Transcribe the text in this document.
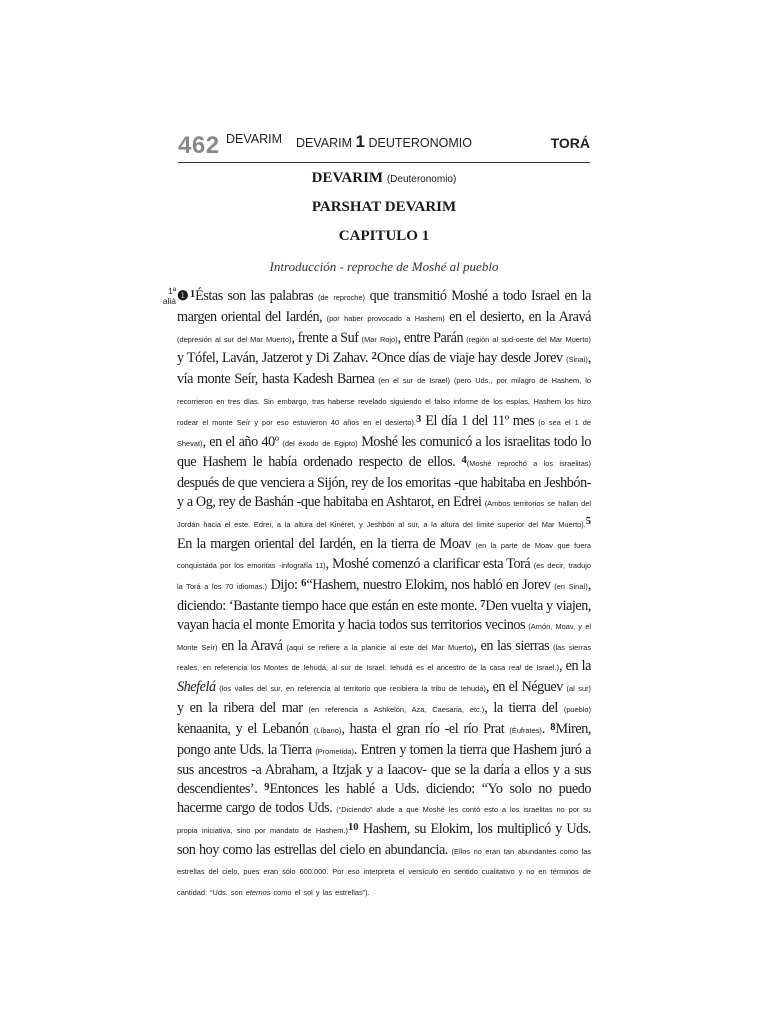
462 DEVARIM DEVARIM 1 DEUTERONOMIO	TORÁ
DEVARIM (Deuteronomio)
PARSHAT DEVARIM
CAPITULO 1
Introducción - reproche de Moshé al pueblo
1ª
aliá ❶$^1$Éstas son las palabras (de reproche) que transmitió Moshé a todo Israel en la margen oriental del Iardén, (por haber provocado a Hashem) en el desierto, en la Aravá (depresión al sur del Mar Muerto), frente a Suf (Mar Rojo), entre Parán (región al sud-oeste del Mar Muerto) y Tófel, Laván, Jatzerot y Di Zahav. $^2$Once días de viaje hay desde Jorev (Sinaí), vía monte Seír, hasta Kadesh Barnea (en el sur de Israel) (pero Uds., por milagro de Hashem, lo recorrieron en tres días. Sin embargo, tras haberse revelado siguiendo el falso informe de los espías, Hashem los hizo rodear el monte Seír y por eso estuvieron 40 años en el desierto).$^3$ El día 1 del 11º mes (o sea el 1 de Shevat), en el año 40º (del éxodo de Egipto) Moshé les comunicó a los israelitas todo lo que Hashem le había ordenado respecto de ellos. $^4$(Moshé reprochó a los israelitas) después de que venciera a Sijón, rey de los emoritas -que habitaba en Jeshbón- y a Og, rey de Bashán -que habitaba en Ashtarot, en Edrei (Ambos territorios se hallan del Jordán hacia el este. Edrei, a la altura del Kinéret, y Jeshbón al sur, a la altura del límite superior del Mar Muerto).$^5$ En la margen oriental del Iardén, en la tierra de Moav (en la parte de Moav que fuera conquistada por los emoritas -infografía 11), Moshé comenzó a clarificar esta Torá (es decir, tradujo la Torá a los 70 idiomas.) Dijo: $^6$“Hashem, nuestro Elokim, nos habló en Jorev (en Sinaí), diciendo: ‘Bastante tiempo hace que están en este monte. $^7$Den vuelta y viajen, vayan hacia el monte Emorita y hacia todos sus territorios vecinos (Amón, Moav, y el Monte Seír) en la Aravá (aquí se refiere a la planicie al este del Mar Muerto), en las sierras (las sierras reales, en referencia los Montes de Iehudá, al sur de Israel. Iehudá es el ancestro de la casa real de Israel.), en la Shefelá (los valles del sur, en referencia al territorio que recibiera la tribu de Iehudá), en el Néguev (al sur) y en la ribera del mar (en referencia a Ashkelón, Aza, Caesaria, etc.), la tierra del (pueblo) kenaanita, y el Lebanón (Líbano), hasta el gran río -el río Prat (Éufrates). $^8$Miren, pongo ante Uds. la Tierra (Prometida). Entren y tomen la tierra que Hashem juró a sus ancestros -a Abraham, a Itzjak y a Iaacov- que se la daría a ellos y a sus descendientes’. $^9$Entonces les hablé a Uds. diciendo: “Yo solo no puedo hacerme cargo de todos Uds. (“Diciendo” alude a que Moshé les contó esto a los israelitas no por su propia iniciativa, sino por mandato de Hashem.)$^{10}$ Hashem, su Elokim, los multiplicó y Uds. son hoy como las estrellas del cielo en abundancia. (Ellos no eran tan abundantes como las estrellas del cielo, pues eran sólo 600.000. Por eso interpreta el versículo en sentido cualitativo y no en términos de cantidad: “Uds. son eternos como el sol y las estrellas”).
